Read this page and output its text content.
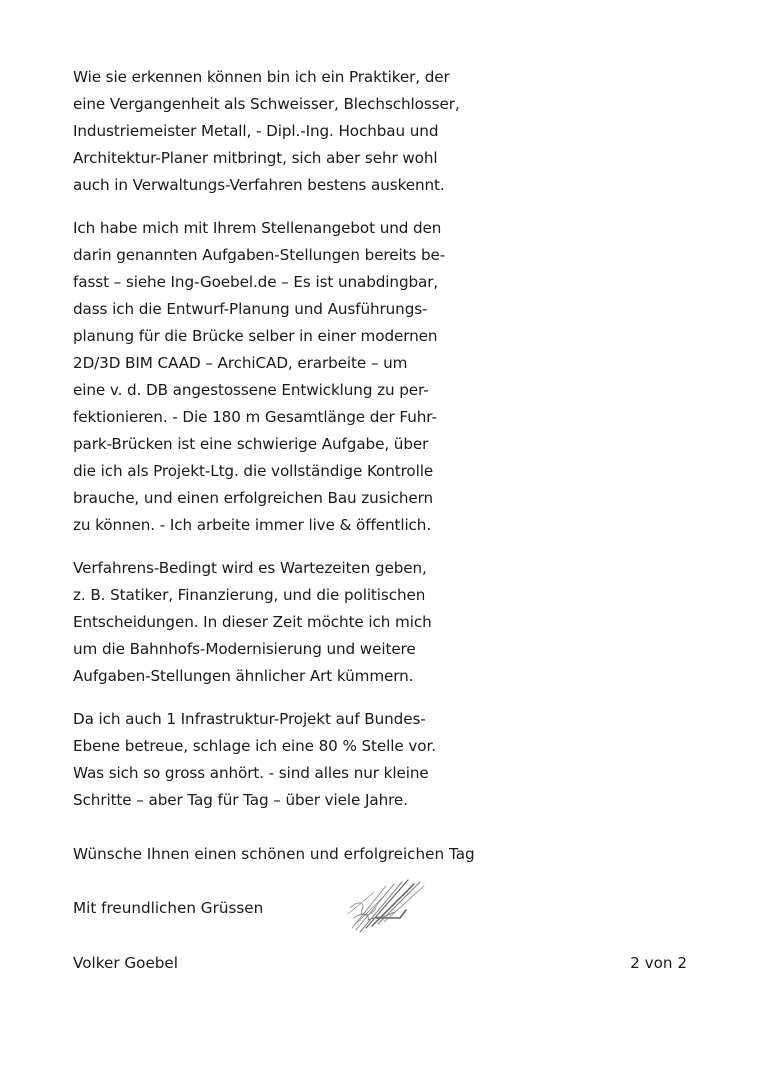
Wie sie erkennen können bin ich ein Praktiker, der
eine Vergangenheit als Schweisser, Blechschlosser,
Industriemeister Metall, - Dipl.-Ing. Hochbau und
Architektur-Planer mitbringt, sich aber sehr wohl
auch in Verwaltungs-Verfahren bestens auskennt.
Ich habe mich mit Ihrem Stellenangebot und den
darin genannten Aufgaben-Stellungen bereits be-
fasst – siehe Ing-Goebel.de – Es ist unabdingbar,
dass ich die Entwurf-Planung und Ausführungs-
planung für die Brücke selber in einer modernen
2D/3D BIM CAAD – ArchiCAD, erarbeite – um
eine v. d. DB angestossene Entwicklung zu per-
fektionieren. - Die 180 m Gesamtlänge der Fuhr-
park-Brücken ist eine schwierige Aufgabe, über
die ich als Projekt-Ltg. die vollständige Kontrolle
brauche, und einen erfolgreichen Bau zusichern
zu können. - Ich arbeite immer live & öffentlich.
Verfahrens-Bedingt wird es Wartezeiten geben,
z. B. Statiker, Finanzierung, und die politischen
Entscheidungen. In dieser Zeit möchte ich mich
um die Bahnhofs-Modernisierung und weitere
Aufgaben-Stellungen ähnlicher Art kümmern.
Da ich auch 1 Infrastruktur-Projekt auf Bundes-
Ebene betreue, schlage ich eine 80 % Stelle vor.
Was sich so gross anhört. - sind alles nur kleine
Schritte – aber Tag für Tag – über viele Jahre.
Wünsche Ihnen einen schönen und erfolgreichen Tag
Mit freundlichen Grüssen
Volker Goebel	2 von 2
